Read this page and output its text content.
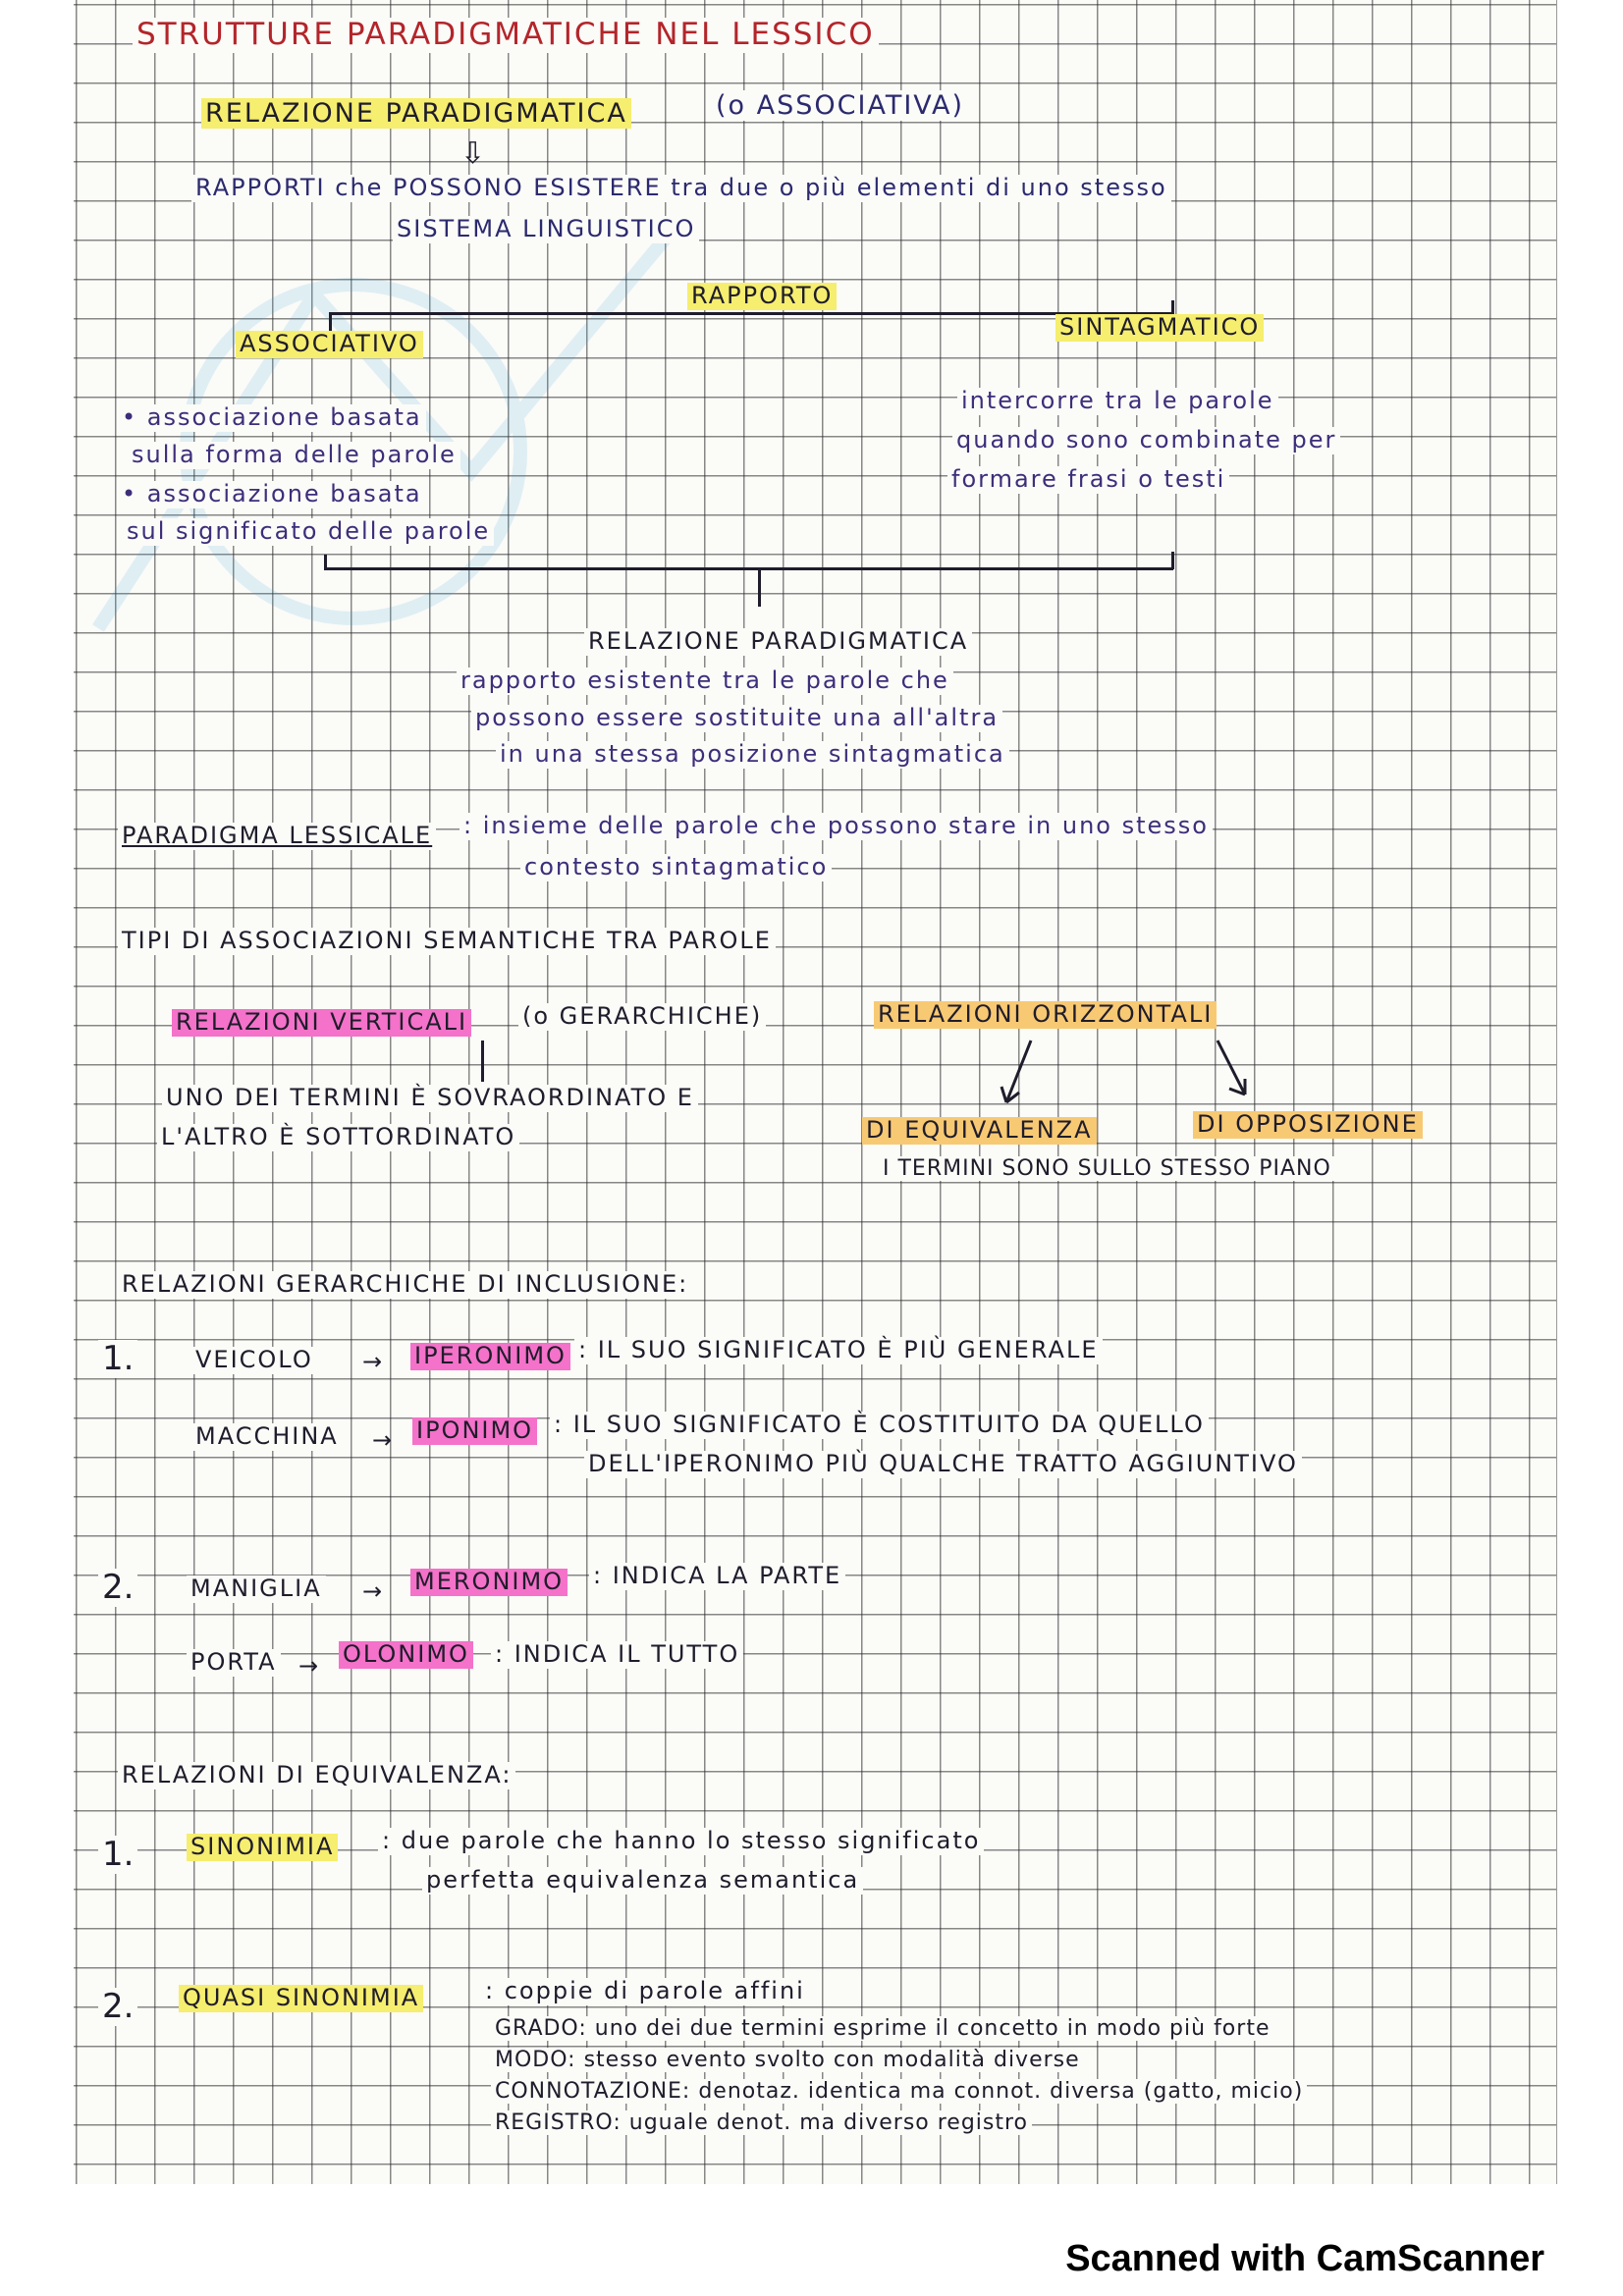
STRUTTURE PARADIGMATICHE NEL LESSICO
RELAZIONE PARADIGMATICA	(o ASSOCIATIVA)
⇩
RAPPORTI che POSSONO ESISTERE tra due o più elementi di uno stesso
SISTEMA LINGUISTICO
RAPPORTO
ASSOCIATIVO
SINTAGMATICO
• associazione basata
sulla forma delle parole
• associazione basata
sul significato delle parole
intercorre tra le parole
quando sono combinate per
formare frasi o testi
RELAZIONE PARADIGMATICA
rapporto esistente tra le parole che
possono essere sostituite una all'altra
in una stessa posizione sintagmatica
PARADIGMA LESSICALE : insieme delle parole che possono stare in uno stesso
contesto sintagmatico
TIPI DI ASSOCIAZIONI SEMANTICHE TRA PAROLE
RELAZIONI VERTICALI (o GERARCHICHE)
UNO DEI TERMINI È SOVRAORDINATO E
L'ALTRO È SOTTORDINATO
RELAZIONI ORIZZONTALI
DI EQUIVALENZA	DI OPPOSIZIONE
I TERMINI SONO SULLO STESSO PIANO
RELAZIONI GERARCHICHE DI INCLUSIONE:
1.	VEICOLO → IPERONIMO : IL SUO SIGNIFICATO È PIÙ GENERALE
MACCHINA → IPONIMO : IL SUO SIGNIFICATO È COSTITUITO DA QUELLO
DELL'IPERONIMO PIÙ QUALCHE TRATTO AGGIUNTIVO
2. MANIGLIA → MERONIMO : INDICA LA PARTE
PORTA → OLONIMO : INDICA IL TUTTO
RELAZIONI DI EQUIVALENZA:
1. SINONIMIA : due parole che hanno lo stesso significato
perfetta equivalenza semantica
2. QUASI SINONIMIA	: coppie di parole affini
GRADO: uno dei due termini esprime il concetto in modo più forte
MODO: stesso evento svolto con modalità diverse
CONNOTAZIONE: denotaz. identica ma connot. diversa (gatto, micio)
REGISTRO: uguale denot. ma diverso registro
Scanned with CamScanner
